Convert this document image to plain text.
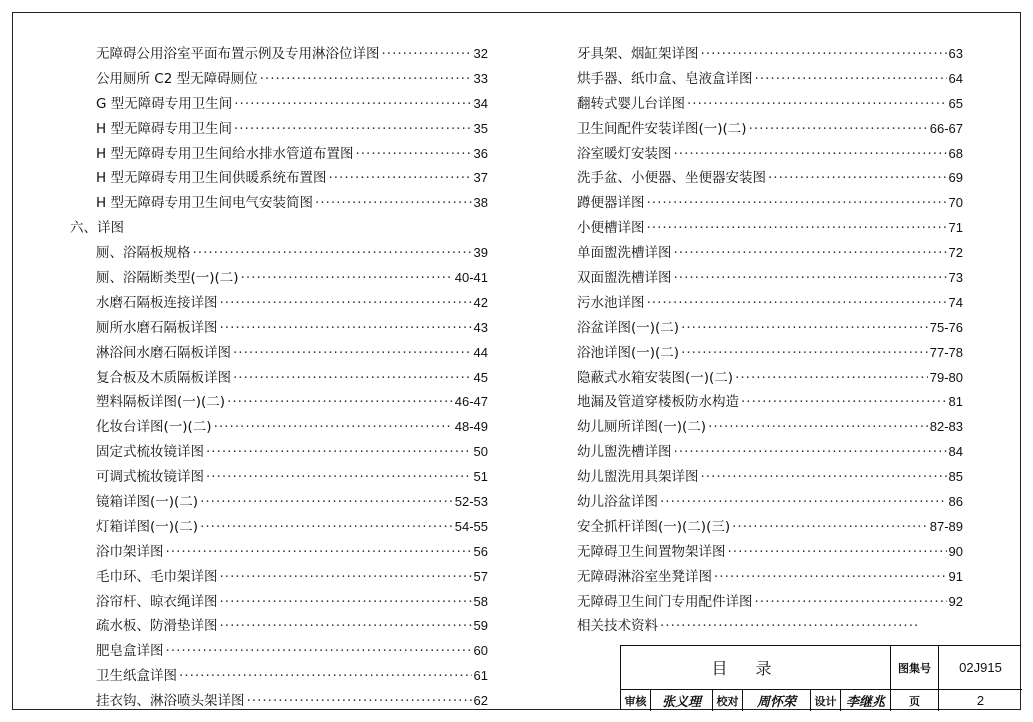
无障碍公用浴室平面布置示例及专用淋浴位详图 ·····	32
公用厕所 C2 型无障碍厕位 ·····	33
G 型无障碍专用卫生间 ·····	34
H 型无障碍专用卫生间 ·····	35
H 型无障碍专用卫生间给水排水管道布置图 ·····	36
H 型无障碍专用卫生间供暖系统布置图 ·····	37
H 型无障碍专用卫生间电气安装简图 ·····	38
六、详图
厕、浴隔板规格 ·····	39
厕、浴隔断类型(一)(二) ·····	40-41
水磨石隔板连接详图 ·····	42
厕所水磨石隔板详图 ·····	43
淋浴间水磨石隔板详图 ·····	44
复合板及木质隔板详图 ·····	45
塑料隔板详图(一)(二) ·····	46-47
化妆台详图(一)(二) ·····	48-49
固定式梳妆镜详图 ·····	50
可调式梳妆镜详图 ·····	51
镜箱详图(一)(二) ·····	52-53
灯箱详图(一)(二) ·····	54-55
浴巾架详图 ·····	56
毛巾环、毛巾架详图 ·····	57
浴帘杆、晾衣绳详图 ·····	58
疏水板、防滑垫详图 ·····	59
肥皂盒详图 ·····	60
卫生纸盒详图 ·····	61
挂衣钩、淋浴喷头架详图 ·····	62
牙具架、烟缸架详图 ·····	63
烘手器、纸巾盒、皂液盒详图 ·····	64
翻转式婴儿台详图 ·····	65
卫生间配件安装详图(一)(二) ·····	66-67
浴室暖灯安装图 ·····	68
洗手盆、小便器、坐便器安装图 ·····	69
蹲便器详图 ·····	70
小便槽详图 ·····	71
单面盥洗槽详图 ·····	72
双面盥洗槽详图 ·····	73
污水池详图 ·····	74
浴盆详图(一)(二) ·····	75-76
浴池详图(一)(二) ·····	77-78
隐蔽式水箱安装图(一)(二) ·····	79-80
地漏及管道穿楼板防水构造 ·····	81
幼儿厕所详图(一)(二) ·····	82-83
幼儿盥洗槽详图 ·····	84
幼儿盥洗用具架详图 ·····	85
幼儿浴盆详图 ·····	86
安全抓杆详图(一)(二)(三) ·····	87-89
无障碍卫生间置物架详图 ·····	90
无障碍淋浴室坐凳详图 ·····	91
无障碍卫生间门专用配件详图 ·····	92
相关技术资料
·····
目录	图集号	02J915
审核	张义理	校对	周怀荣	设计 李继兆	页	2
